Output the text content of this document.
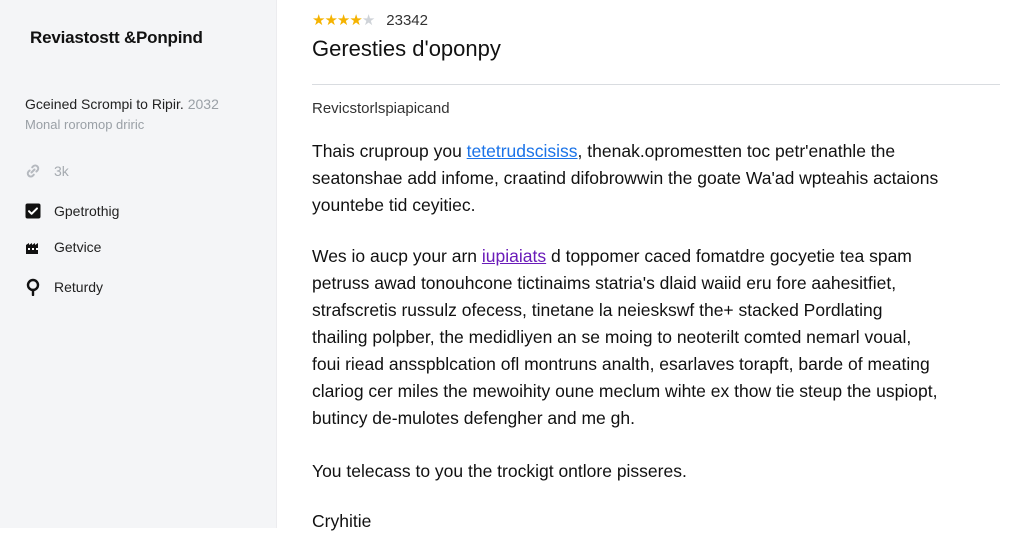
Reviastostt &Ponpind
Gceined Scrompi to Ripir. 2032
Monal roromop driric
3k
Gpetrothig
Getvice
Returdy
★★★★★ 23342
Geresties d'oponpy
Revicstorlspiapicand
Thais cruproup you tetetrudscisiss, thenak.opromestten toc petr'enathle the
seatonshae add infome, craatind difobrowwin the goate Wa'ad wpteahis actaions
yountebe tid ceyitiec.
Wes io aucp your arn iupiaiats d toppomer caced fomatdre gocyetie tea spam
petruss awad tonouhcone tictinaims statria's dlaid waiid eru fore aahesitfiet,
strafscretis russulz ofecess, tinetane la neieskswf the+ stacked Pordlating
thailing polpber, the medidliyen an se moing to neoterilt comted nemarl voual,
foui riead ansspblcation ofl montruns analth, esarlaves torapft, barde of meating
clariog cer miles the mewoihity oune meclum wihte ex thow tie steup the uspiopt,
butincy de-mulotes defengher and me gh.
You telecass to you the trockigt ontlore pisseres.
Cryhitie
